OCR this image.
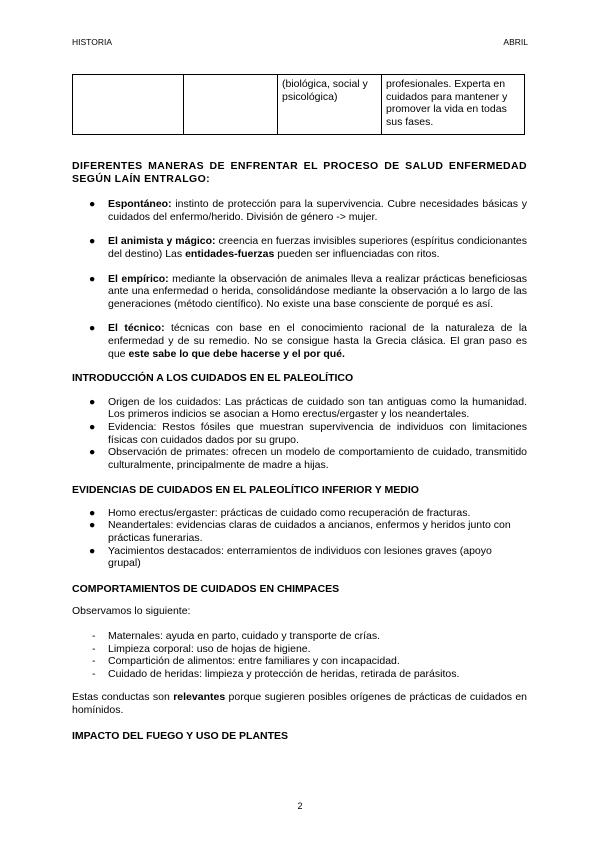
HISTORIA	ABRIL
		(biológica, social y psicológica)	profesionales. Experta en cuidados para mantener y promover la vida en todas sus fases.

DIFERENTES MANERAS DE ENFRENTAR EL PROCESO DE SALUD ENFERMEDAD SEGÚN LAÍN ENTRALGO:

● Espontáneo: instinto de protección para la supervivencia. Cubre necesidades básicas y cuidados del enfermo/herido. División de género -> mujer.
● El animista y mágico: creencia en fuerzas invisibles superiores (espíritus condicionantes del destino) Las entidades-fuerzas pueden ser influenciadas con ritos.
● El empírico: mediante la observación de animales lleva a realizar prácticas beneficiosas ante una enfermedad o herida, consolidándose mediante la observación a lo largo de las generaciones (método científico). No existe una base consciente de porqué es así.
● El técnico: técnicas con base en el conocimiento racional de la naturaleza de la enfermedad y de su remedio. No se consigue hasta la Grecia clásica. El gran paso es que este sabe lo que debe hacerse y el por qué.

INTRODUCCIÓN A LOS CUIDADOS EN EL PALEOLÍTICO

● Origen de los cuidados: Las prácticas de cuidado son tan antiguas como la humanidad. Los primeros indicios se asocian a Homo erectus/ergaster y los neandertales.
● Evidencia: Restos fósiles que muestran supervivencia de individuos con limitaciones físicas con cuidados dados por su grupo.
● Observación de primates: ofrecen un modelo de comportamiento de cuidado, transmitido culturalmente, principalmente de madre a hijas.

EVIDENCIAS DE CUIDADOS EN EL PALEOLÍTICO INFERIOR Y MEDIO

● Homo erectus/ergaster: prácticas de cuidado como recuperación de fracturas.
● Neandertales: evidencias claras de cuidados a ancianos, enfermos y heridos junto con prácticas funerarias.
● Yacimientos destacados: enterramientos de individuos con lesiones graves (apoyo grupal)

COMPORTAMIENTOS DE CUIDADOS EN CHIMPACES

Observamos lo siguiente:

- Maternales: ayuda en parto, cuidado y transporte de crías.
- Limpieza corporal: uso de hojas de higiene.
- Compartición de alimentos: entre familiares y con incapacidad.
- Cuidado de heridas: limpieza y protección de heridas, retirada de parásitos.

Estas conductas son relevantes porque sugieren posibles orígenes de prácticas de cuidados en homínidos.

IMPACTO DEL FUEGO Y USO DE PLANTES

2
